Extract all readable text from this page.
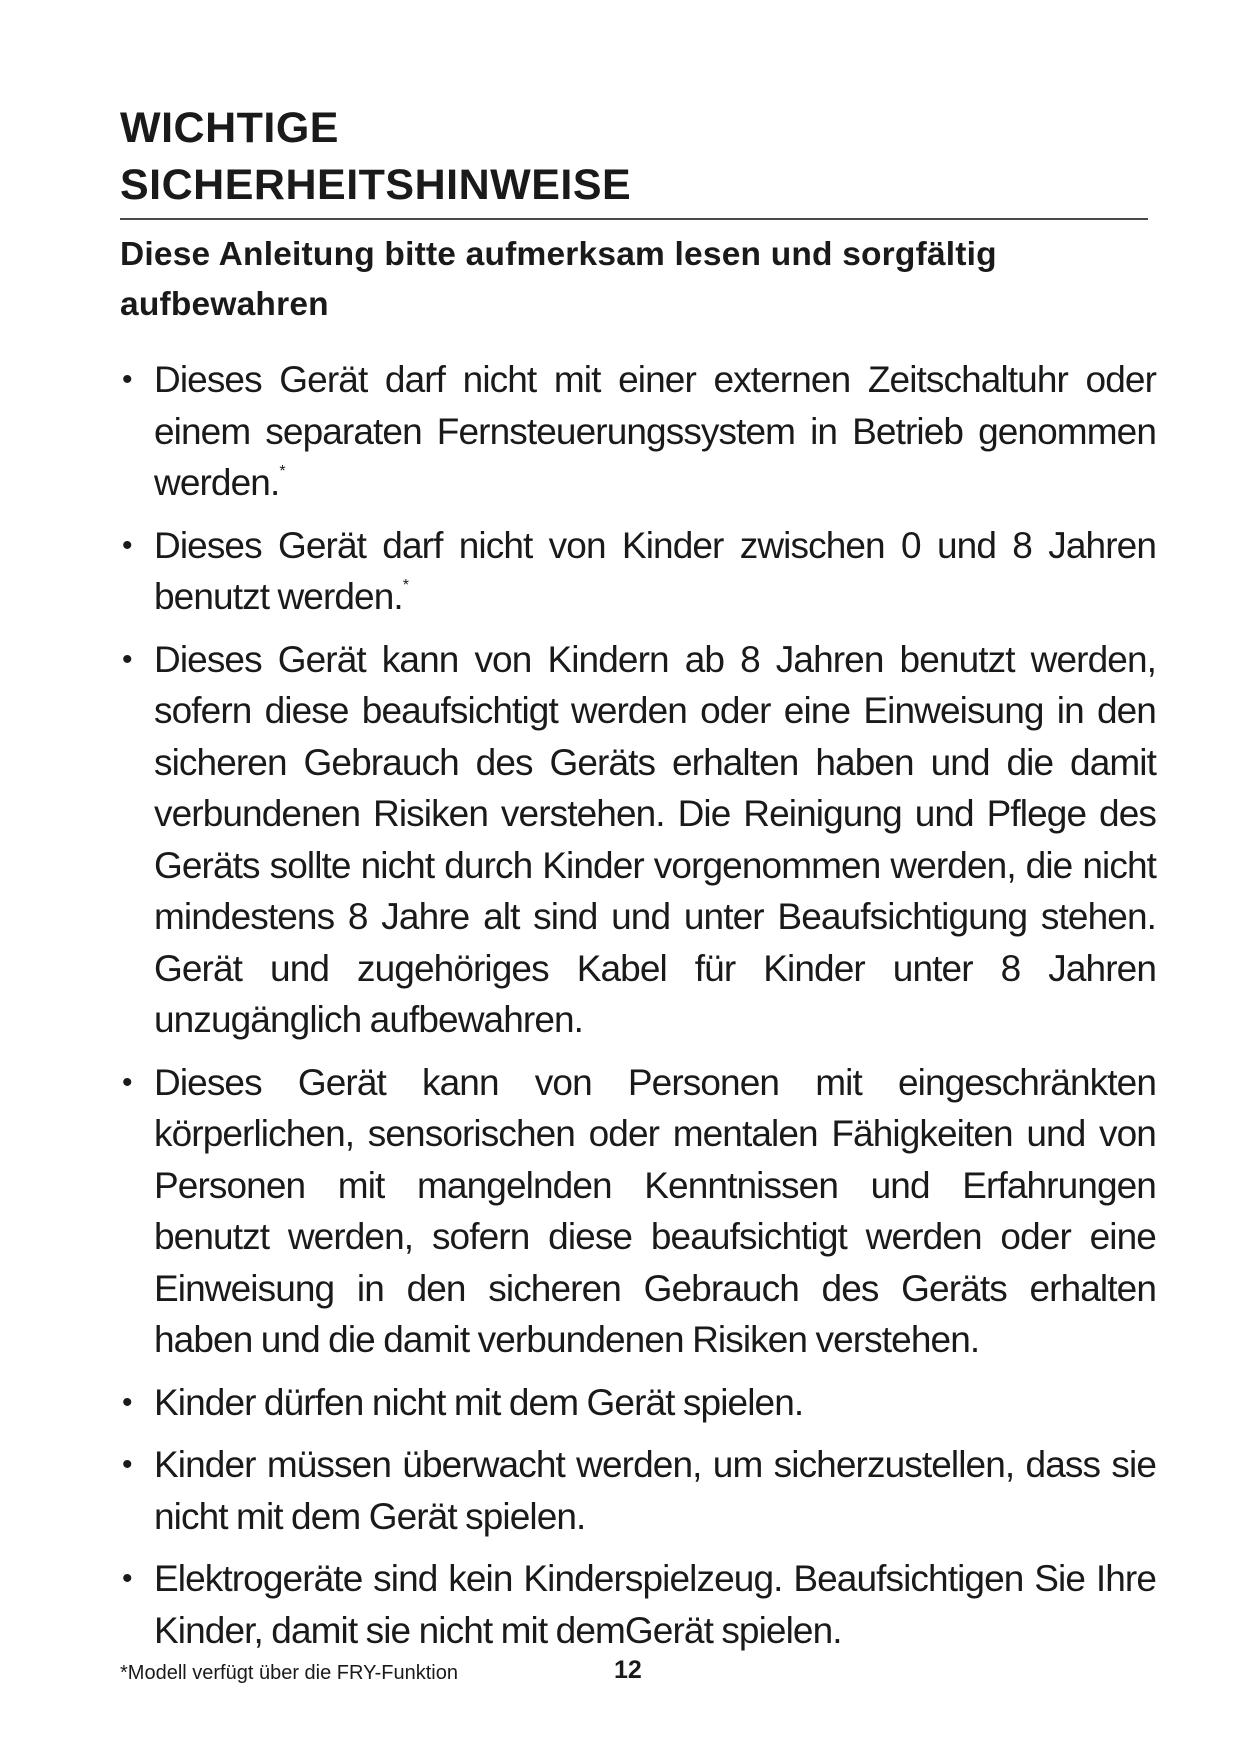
WICHTIGE
SICHERHEITSHINWEISE

Diese Anleitung bitte aufmerksam lesen und sorgfältig aufbewahren

• Dieses Gerät darf nicht mit einer externen Zeitschaltuhr oder einem separaten Fernsteuerungssystem in Betrieb genommen werden.*
• Dieses Gerät darf nicht von Kinder zwischen 0 und 8 Jahren benutzt werden.*
• Dieses Gerät kann von Kindern ab 8 Jahren benutzt werden, sofern diese beaufsichtigt werden oder eine Einweisung in den sicheren Gebrauch des Geräts erhalten haben und die damit verbundenen Risiken verstehen. Die Reinigung und Pflege des Geräts sollte nicht durch Kinder vorgenommen werden, die nicht mindestens 8 Jahre alt sind und unter Beaufsichtigung stehen. Gerät und zugehöriges Kabel für Kinder unter 8 Jahren unzugänglich aufbewahren.
• Dieses Gerät kann von Personen mit eingeschränkten körperlichen, sensorischen oder mentalen Fähigkeiten und von Personen mit mangelnden Kenntnissen und Erfahrungen benutzt werden, sofern diese beaufsichtigt werden oder eine Einweisung in den sicheren Gebrauch des Geräts erhalten haben und die damit verbundenen Risiken verstehen.
• Kinder dürfen nicht mit dem Gerät spielen.
• Kinder müssen überwacht werden, um sicherzustellen, dass sie nicht mit dem Gerät spielen.
• Elektrogeräte sind kein Kinderspielzeug. Beaufsichtigen Sie Ihre Kinder, damit sie nicht mit demGerät spielen.
*Modell verfügt über die FRY-Funktion	12
